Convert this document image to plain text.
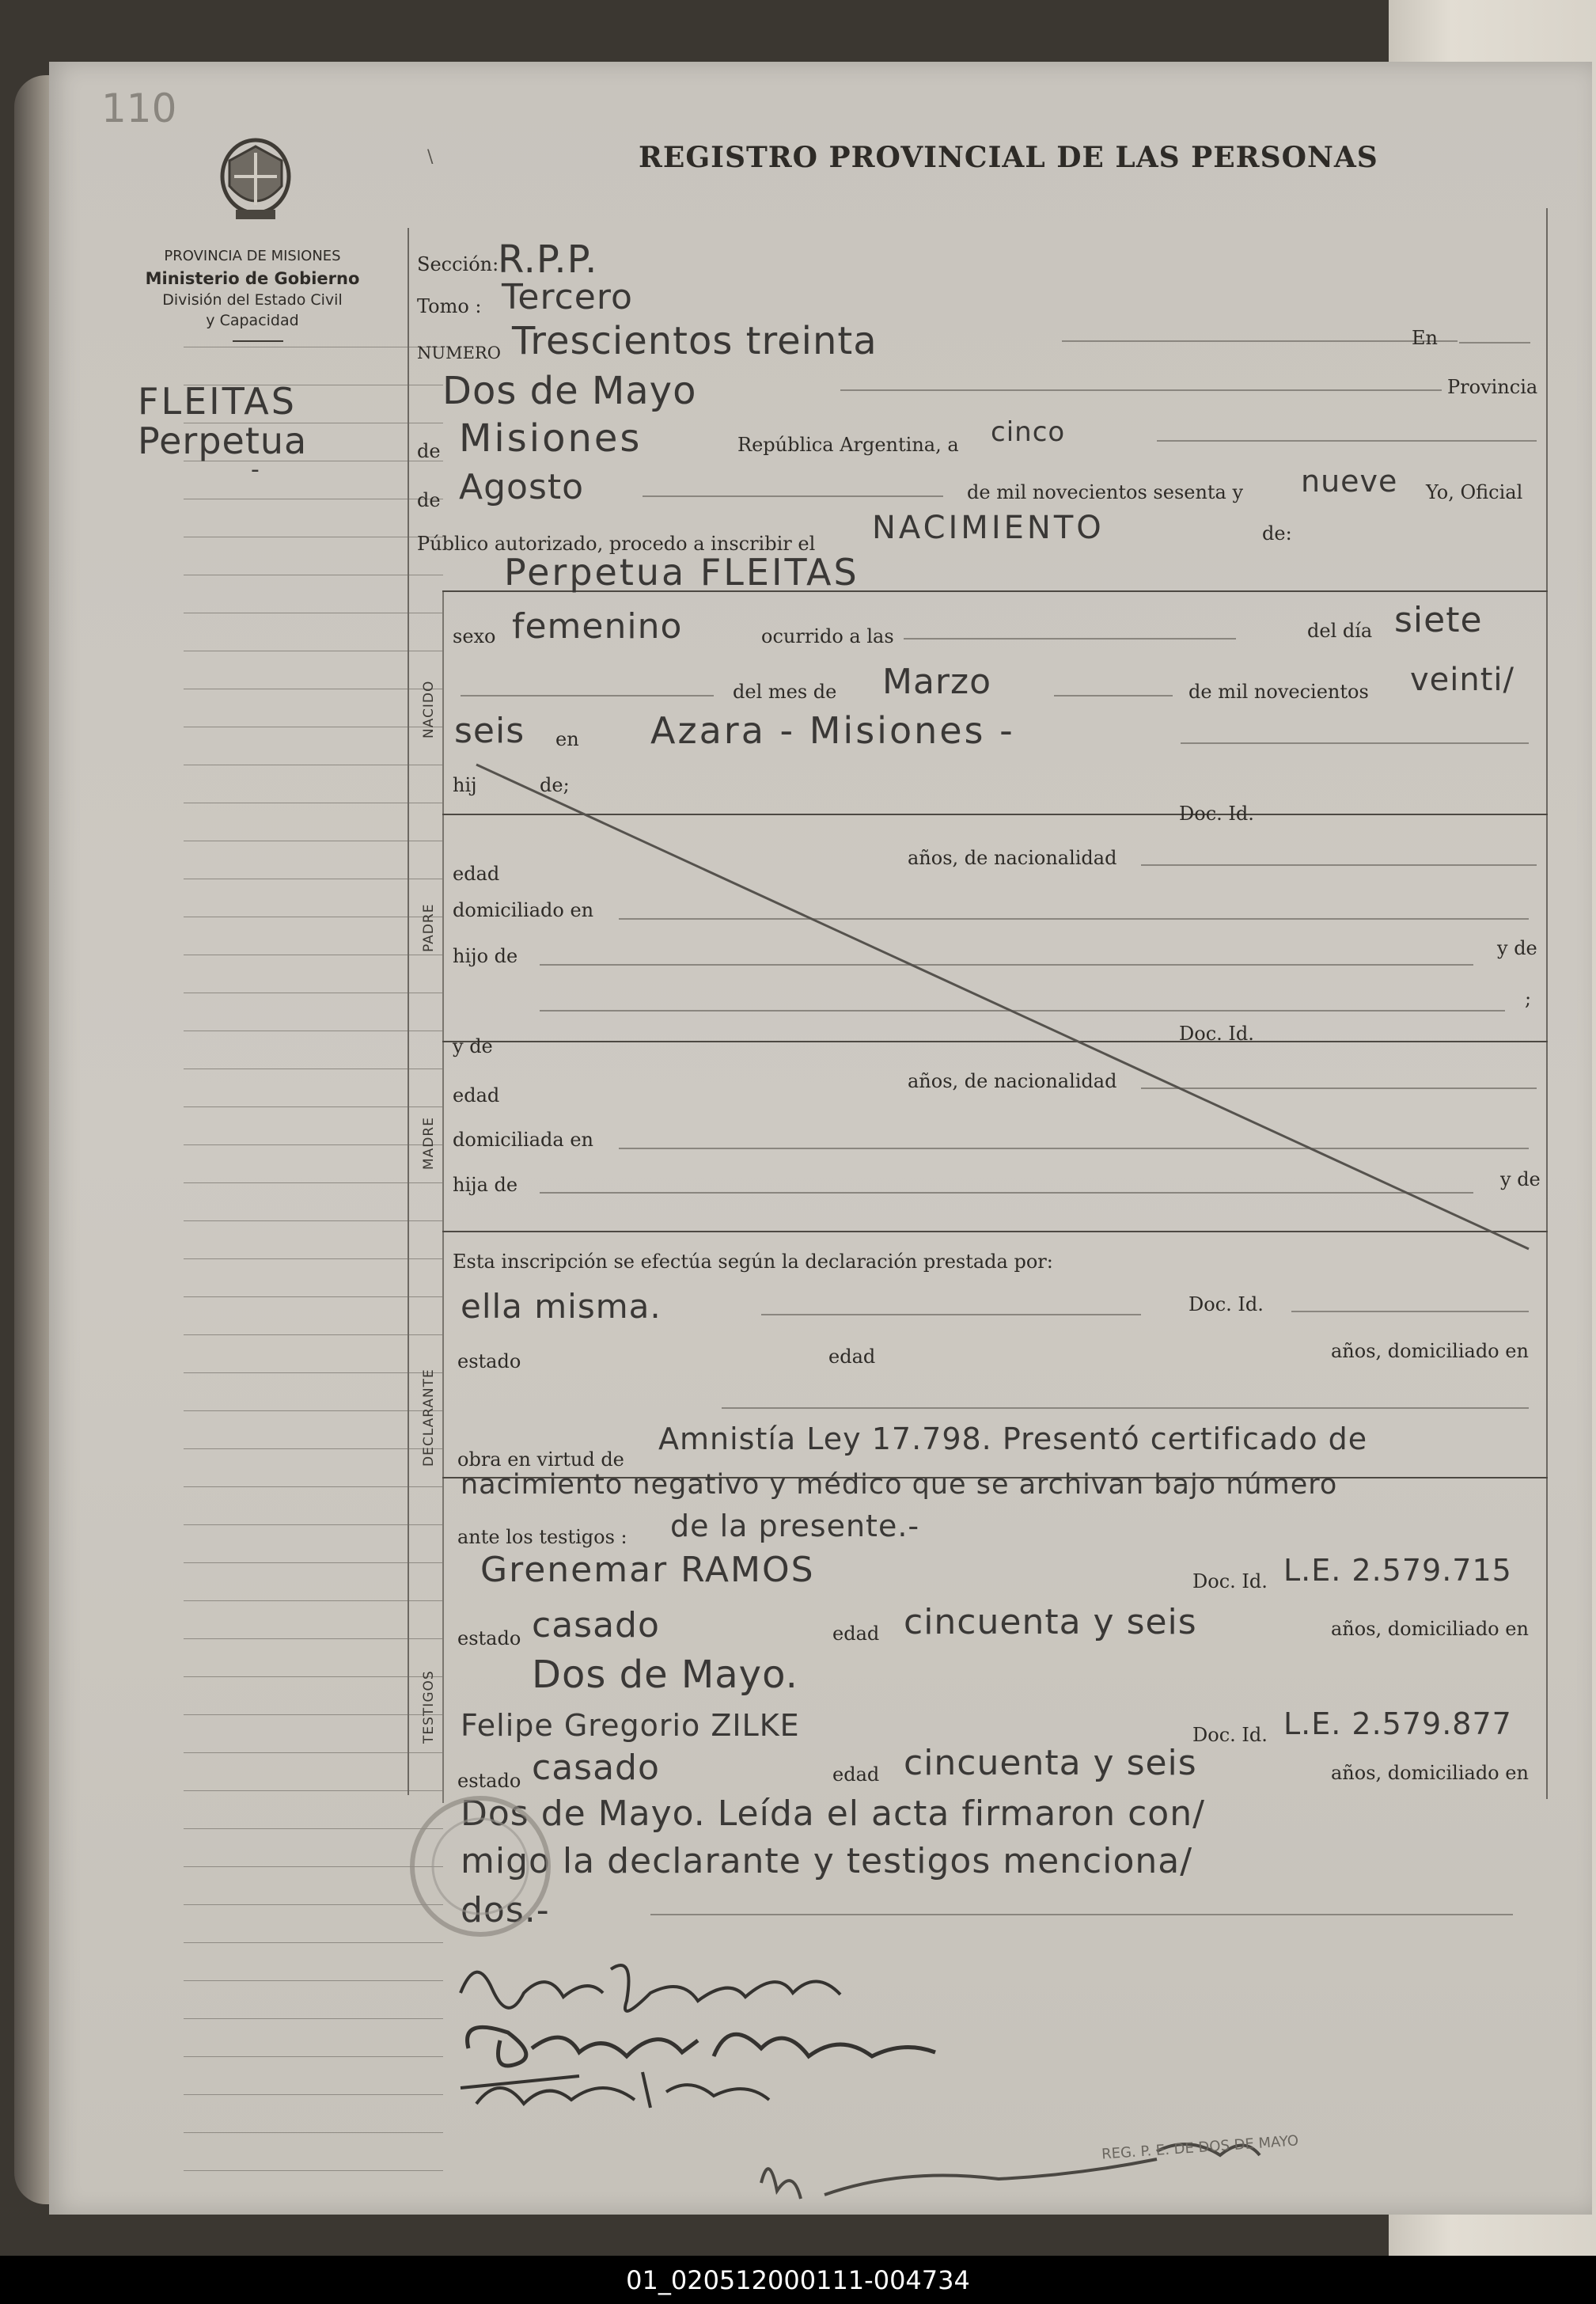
110
PROVINCIA DE MISIONES
Ministerio de Gobierno
División del Estado Civil
y Capacidad
REGISTRO PROVINCIAL DE LAS PERSONAS
FLEITAS
Perpetua
-
NACIDO
PADRE
MADRE
DECLARANTE
TESTIGOS
Sección:
R.P.P.
Tomo : Tercero
NUMERO Trescientos treinta	En
Dos de Mayo	Provincia
de Misiones	República Argentina, a cinco
de Agosto	de mil novecientos sesenta y nueve Yo, Oficial
Público autorizado, procedo a inscribir el NACIMIENTO	de:
Perpetua FLEITAS
sexo femenino	ocurrido a las	del día siete
del mes de Marzo	de mil novecientos veinti/
seis en Azara - Misiones -
hij	de;
Doc. Id.
edad
años, de nacionalidad
domiciliado en
hijo de	y de
;
y de
Doc. Id.
edad
años, de nacionalidad
domiciliada en
hija de	y de
Esta inscripción se efectúa según la declaración prestada por:
ella misma.	Doc. Id.
estado	edad	años, domiciliado en
obra en virtud de
Amnistía Ley 17.798. Presentó certificado de
nacimiento negativo y médico que se archivan bajo número
ante los testigos : de la presente.-
Grenemar RAMOS	Doc. Id. L.E. 2.579.715
estado casado	edad cincuenta y seis	años, domiciliado en
Dos de Mayo.
Felipe Gregorio ZILKE	Doc. Id. L.E. 2.579.877
estado casado	edad cincuenta y seis	años, domiciliado en
Dos de Mayo. Leída el acta firmaron con/
migo la declarante y testigos menciona/
dos.-
REG. P. E. DE DOS DE MAYO
\
01_020512000111-004734
